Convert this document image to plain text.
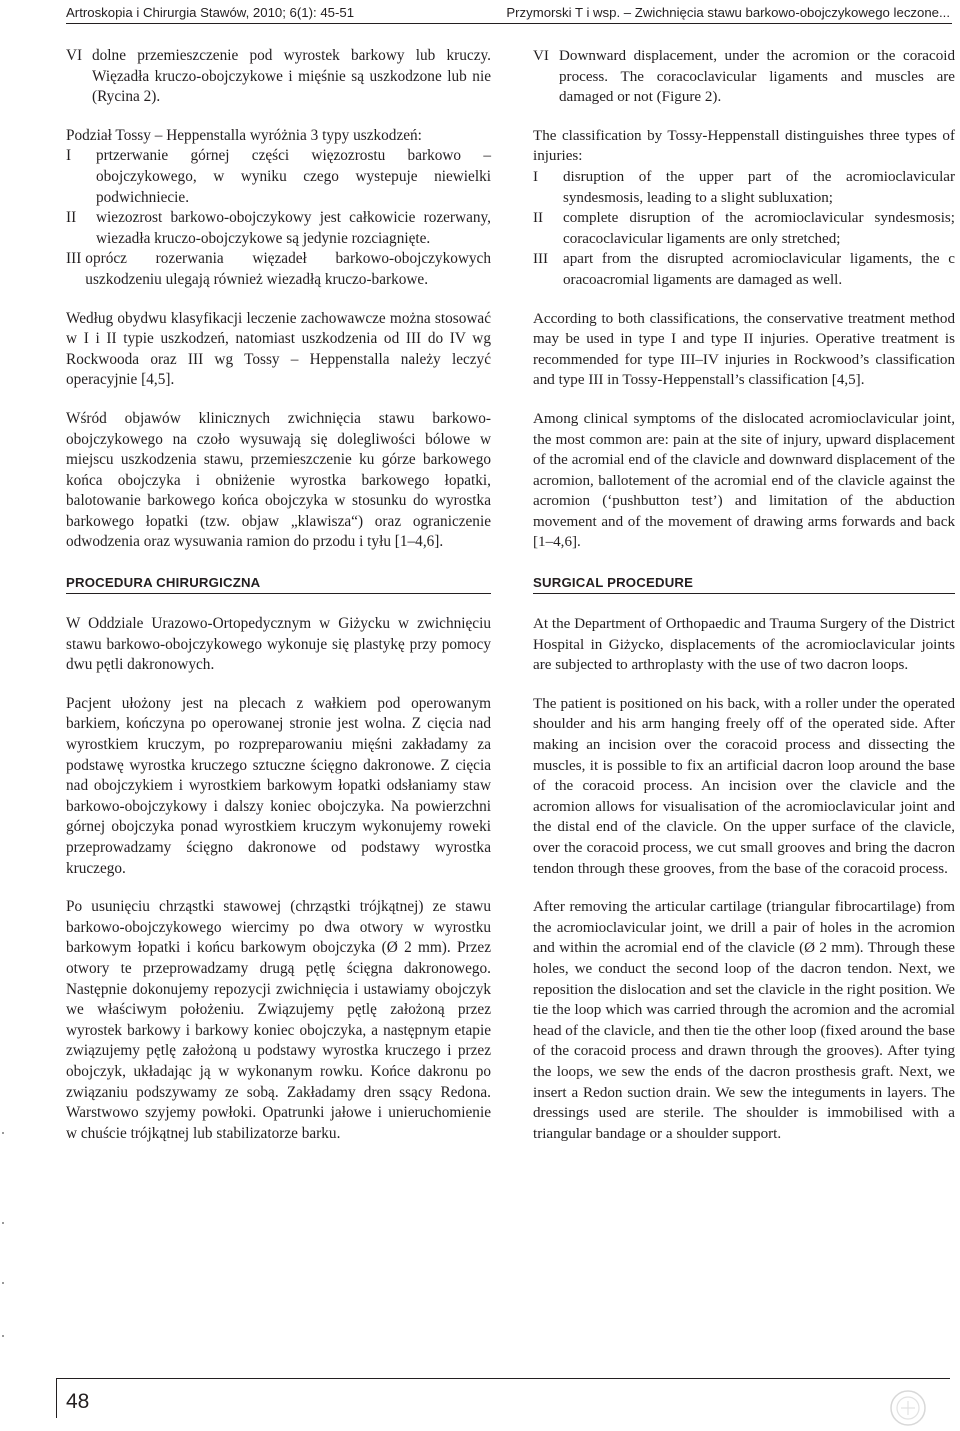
Artroskopia i Chirurgia Stawów, 2010; 6(1): 45-51	Przymorski T i wsp. – Zwichnięcia stawu barkowo-obojczykowego leczone...
VI dolne przemieszczenie pod wyrostek barkowy lub kruczy. Więzadła kruczo-obojczykowe i mięśnie są uszkodzone lub nie (Rycina 2).

Podział Tossy – Heppenstalla wyróżnia 3 typy uszkodzeń:

I	prtzerwanie górnej części więzozrostu barkowo – obojczykowego, w wyniku czego wystepuje niewielki podwichniecie.
II	wiezozrost barkowo-obojczykowy jest całkowicie rozerwany, wiezadła kruczo-obojczykowe są jedynie rozciagnięte.
III oprócz rozerwania więzadeł barkowo-obojczykowych uszkodzeniu ulegają również wiezadłą kruczo-barkowe.

Według obydwu klasyfikacji leczenie zachowawcze można stosować w I i II typie uszkodzeń, natomiast uszkodzenia od III do IV wg Rockwooda oraz III wg Tossy – Heppenstalla należy leczyć operacyjnie [4,5].

Wśród objawów klinicznych zwichnięcia stawu barkowo-obojczykowego na czoło wysuwają się dolegliwości bólowe w miejscu uszkodzenia stawu, przemieszczenie ku górze barkowego końca obojczyka i obniżenie wyrostka barkowego łopatki, balotowanie barkowego końca obojczyka w stosunku do wyrostka barkowego łopatki (tzw. objaw „klawisza“) oraz ograniczenie odwodzenia oraz wysuwania ramion do przodu i tyłu [1–4,6].

PROCEDURA CHIRURGICZNA

W Oddziale Urazowo-Ortopedycznym w Giżycku w zwichnięciu stawu barkowo-obojczykowego wykonuje się plastykę przy pomocy dwu pętli dakronowych.

Pacjent ułożony jest na plecach z wałkiem pod operowanym barkiem, kończyna po operowanej stronie jest wolna. Z cięcia nad wyrostkiem kruczym, po rozpreparowaniu mięśni zakładamy za podstawę wyrostka kruczego sztuczne ścięgno dakronowe. Z cięcia nad obojczykiem i wyrostkiem barkowym łopatki odsłaniamy staw barkowo-obojczykowy i dalszy koniec obojczyka. Na powierzchni górnej obojczyka ponad wyrostkiem kruczym wykonujemy roweki przeprowadzamy ścięgno dakronowe od podstawy wyrostka kruczego.

Po usunięciu chrząstki stawowej (chrząstki trójkątnej) ze stawu barkowo-obojczykowego wiercimy po dwa otwory w wyrostku barkowym łopatki i końcu barkowym obojczyka (Ø 2 mm). Przez otwory te przeprowadzamy drugą pętlę ścięgna dakronowego. Następnie dokonujemy repozycji zwichnięcia i ustawiamy obojczyk we właściwym położeniu. Związujemy pętlę założoną przez wyrostek barkowy i barkowy koniec obojczyka, a następnym etapie związujemy pętlę założoną u podstawy wyrostka kruczego i przez obojczyk, układając ją w wykonanym rowku. Końce dakronu po związaniu podszywamy ze sobą. Zakładamy dren ssący Redona. Warstwowo szyjemy powłoki. Opatrunki jałowe i unieruchomienie w chuście trójkątnej lub stabilizatorze barku.

VI Downward displacement, under the acromion or the coracoid process. The coracoclavicular ligaments and muscles are damaged or not (Figure 2).

The classification by Tossy-Heppenstall distinguishes three types of injuries:

I	disruption of the upper part of the acromioclavicular syndesmosis, leading to a slight subluxation;
II	complete disruption of the acromioclavicular syndesmosis; coracoclavicular ligaments are only stretched;
III apart from the disrupted acromioclavicular ligaments, the c oracoacromial ligaments are damaged as well.

According to both classifications, the conservative treatment method may be used in type I and type II injuries. Operative treatment is recommended for type III–IV injuries in Rockwood’s classification and type III in Tossy-Heppenstall’s classification [4,5].

Among clinical symptoms of the dislocated acromioclavicular joint, the most common are: pain at the site of injury, upward displacement of the acromial end of the clavicle and downward displacement of the acromion, ballotement of the acromial end of the clavicle against the acromion (‘pushbutton test’) and limitation of the abduction movement and of the movement of drawing arms forwards and back [1–4,6].

SURGICAL PROCEDURE

At the Department of Orthopaedic and Trauma Surgery of the District Hospital in Giżycko, displacements of the acromioclavicular joints are subjected to arthroplasty with the use of two dacron loops.

The patient is positioned on his back, with a roller under the operated shoulder and his arm hanging freely off of the operated side. After making an incision over the coracoid process and dissecting the muscles, it is possible to fix an artificial dacron loop around the base of the coracoid process. An incision over the clavicle and the acromion allows for visualisation of the acromioclavicular joint and the distal end of the clavicle. On the upper surface of the clavicle, over the coracoid process, we cut small grooves and bring the dacron tendon through these grooves, from the base of the coracoid process.

After removing the articular cartilage (triangular fibrocartilage) from the acromioclavicular joint, we drill a pair of holes in the acromion and within the acromial end of the clavicle (Ø 2 mm). Through these holes, we conduct the second loop of the dacron tendon. Next, we reposition the dislocation and set the clavicle in the right position. We tie the loop which was carried through the acromion and the acromial head of the clavicle, and then tie the other loop (fixed around the base of the coracoid process and drawn through the grooves). After tying the loops, we sew the ends of the dacron prosthesis graft. Next, we insert a Redon suction drain. We sew the integuments in layers. The dressings used are sterile. The shoulder is immobilised with a triangular bandage or a shoulder support.

48
